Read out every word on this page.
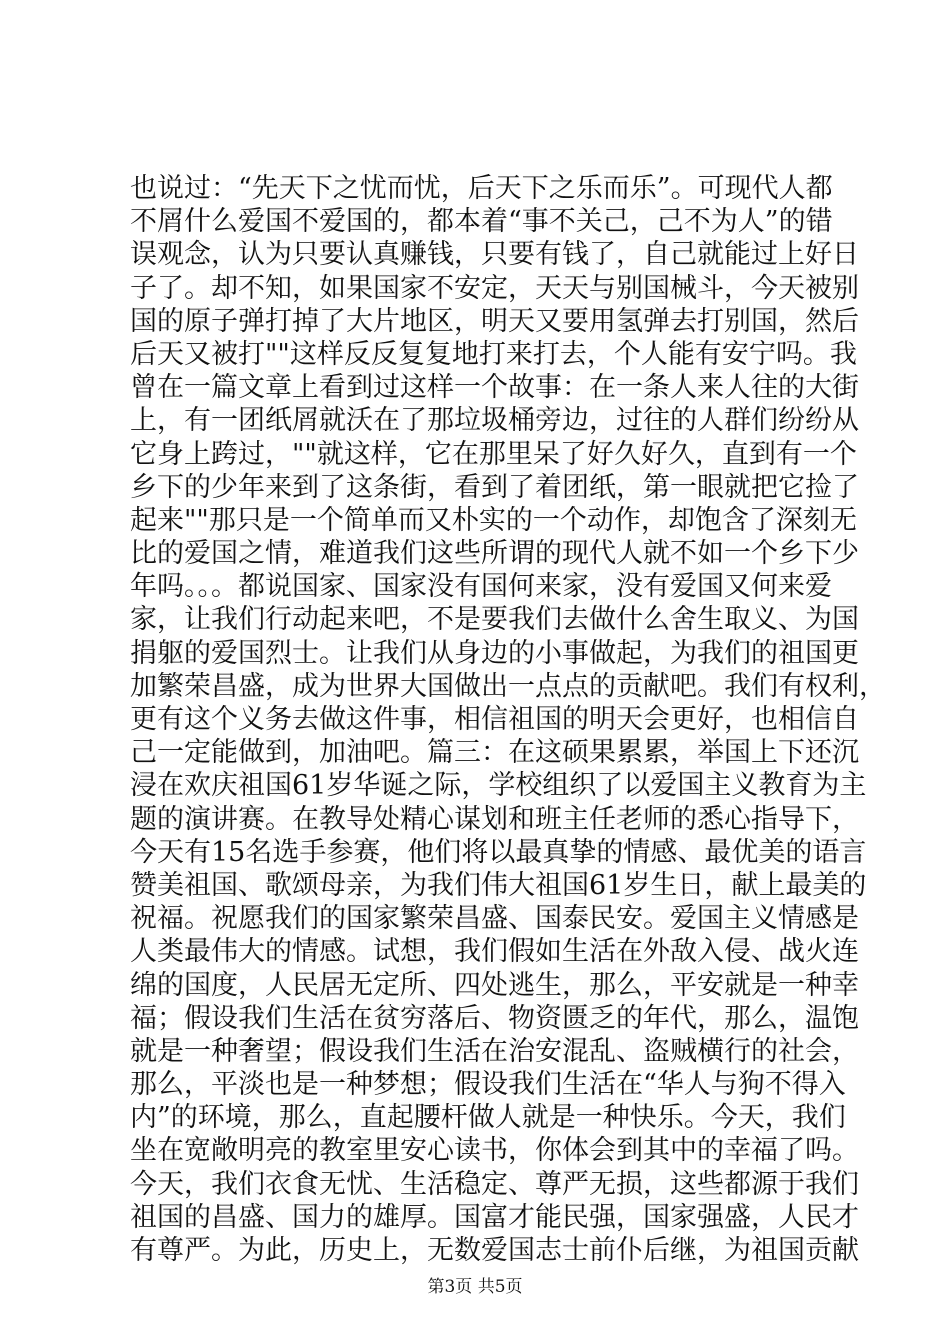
也说过：“先天下之忧而忧，后天下之乐而乐”。可现代人都
不屑什么爱国不爱国的，都本着“事不关己，己不为人”的错
误观念，认为只要认真赚钱，只要有钱了，自己就能过上好日
子了。却不知，如果国家不安定，天天与别国械斗，今天被别
国的原子弹打掉了大片地区，明天又要用氢弹去打别国，然后
后天又被打""这样反反复复地打来打去，个人能有安宁吗。我
曾在一篇文章上看到过这样一个故事：在一条人来人往的大街
上，有一团纸屑就沃在了那垃圾桶旁边，过往的人群们纷纷从
它身上跨过，""就这样，它在那里呆了好久好久，直到有一个
乡下的少年来到了这条街，看到了着团纸，第一眼就把它捡了
起来""那只是一个简单而又朴实的一个动作，却饱含了深刻无
比的爱国之情，难道我们这些所谓的现代人就不如一个乡下少
年吗。。。都说国家、国家没有国何来家，没有爱国又何来爱
家，让我们行动起来吧，不是要我们去做什么舍生取义、为国
捐躯的爱国烈士。让我们从身边的小事做起，为我们的祖国更
加繁荣昌盛，成为世界大国做出一点点的贡献吧。我们有权利，
更有这个义务去做这件事，相信祖国的明天会更好，也相信自
己一定能做到，加油吧。篇三：在这硕果累累，举国上下还沉
浸在欢庆祖国61岁华诞之际，学校组织了以爱国主义教育为主
题的演讲赛。在教导处精心谋划和班主任老师的悉心指导下，
今天有15名选手参赛，他们将以最真挚的情感、最优美的语言
赞美祖国、歌颂母亲，为我们伟大祖国61岁生日，献上最美的
祝福。祝愿我们的国家繁荣昌盛、国泰民安。爱国主义情感是
人类最伟大的情感。试想，我们假如生活在外敌入侵、战火连
绵的国度，人民居无定所、四处逃生，那么，平安就是一种幸
福；假设我们生活在贫穷落后、物资匮乏的年代，那么，温饱
就是一种奢望；假设我们生活在治安混乱、盗贼横行的社会，
那么，平淡也是一种梦想；假设我们生活在“华人与狗不得入
内”的环境，那么，直起腰杆做人就是一种快乐。今天，我们
坐在宽敞明亮的教室里安心读书，你体会到其中的幸福了吗。
今天，我们衣食无忧、生活稳定、尊严无损，这些都源于我们
祖国的昌盛、国力的雄厚。国富才能民强，国家强盛，人民才
有尊严。为此，历史上，无数爱国志士前仆后继，为祖国贡献
第3页 共5页
